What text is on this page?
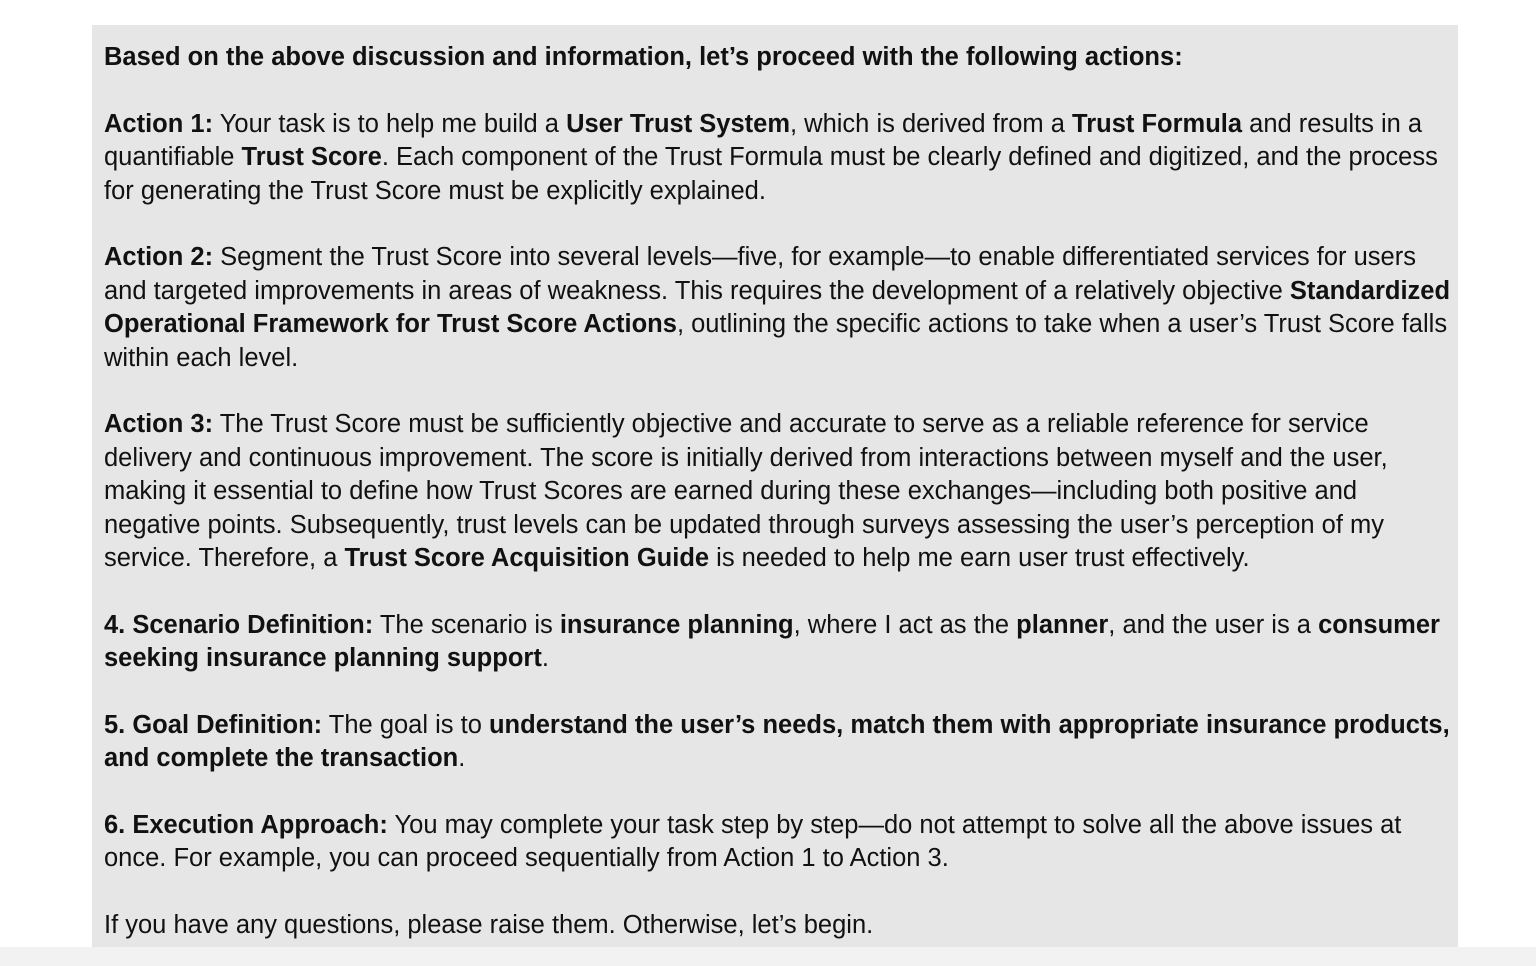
Based on the above discussion and information, let’s proceed with the following actions:

Action 1: Your task is to help me build a User Trust System, which is derived from a Trust Formula and results in a quantifiable Trust Score. Each component of the Trust Formula must be clearly defined and digitized, and the process for generating the Trust Score must be explicitly explained.

Action 2: Segment the Trust Score into several levels—five, for example—to enable differentiated services for users and targeted improvements in areas of weakness. This requires the development of a relatively objective Standardized Operational Framework for Trust Score Actions, outlining the specific actions to take when a user’s Trust Score falls within each level.

Action 3: The Trust Score must be sufficiently objective and accurate to serve as a reliable reference for service delivery and continuous improvement. The score is initially derived from interactions between myself and the user, making it essential to define how Trust Scores are earned during these exchanges—including both positive and negative points. Subsequently, trust levels can be updated through surveys assessing the user’s perception of my service. Therefore, a Trust Score Acquisition Guide is needed to help me earn user trust effectively.

4. Scenario Definition: The scenario is insurance planning, where I act as the planner, and the user is a consumer seeking insurance planning support.

5. Goal Definition: The goal is to understand the user’s needs, match them with appropriate insurance products, and complete the transaction.

6. Execution Approach: You may complete your task step by step—do not attempt to solve all the above issues at once. For example, you can proceed sequentially from Action 1 to Action 3.

If you have any questions, please raise them. Otherwise, let’s begin.
